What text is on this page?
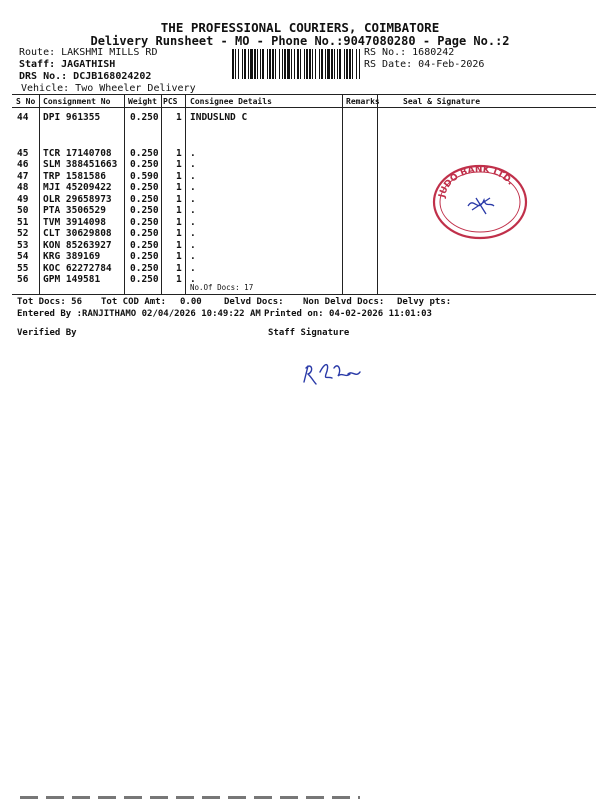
THE PROFESSIONAL COURIERS, COIMBATORE
Delivery Runsheet - MO - Phone No.:9047080280 - Page No.:2
Route: LAKSHMI MILLS RD
Staff: JAGATHISH
DRS No.: DCJB168024202
Vehicle: Two Wheeler Delivery
RS No.: 1680242
RS Date: 04-Feb-2026
S No Consignment No Weight PCS Consignee Details	Remarks	Seal & Signature
44 DPI 961355	0.250 1 INDUSLND C
45 TCR 17140708 0.250 1 .
46 SLM 388451663 0.250 1 .
47 TRP 1581586	0.590 1 .
48 MJI 45209422 0.250 1 .
49 OLR 29658973 0.250 1 .
50 PTA 3506529	0.250 1 .
51 TVM 3914098	0.250 1 .
52 CLT 30629808 0.250 1 .
53 KON 85263927 0.250 1 .
54 KRG 389169	0.250 1 .
55 KOC 62272784 0.250 1 .
56 GPM 149581	0.250 1 .
No.Of Docs: 17
Tot Docs: 56 Tot COD Amt: 0.00 Delvd Docs: Non Delvd Docs: Delvy pts:
Entered By :RANJITHAMO 02/04/2026 10:49:22 AM Printed on: 04-02-2026 11:01:03
Verified By	Staff Signature
JUDO BANK LTD.
